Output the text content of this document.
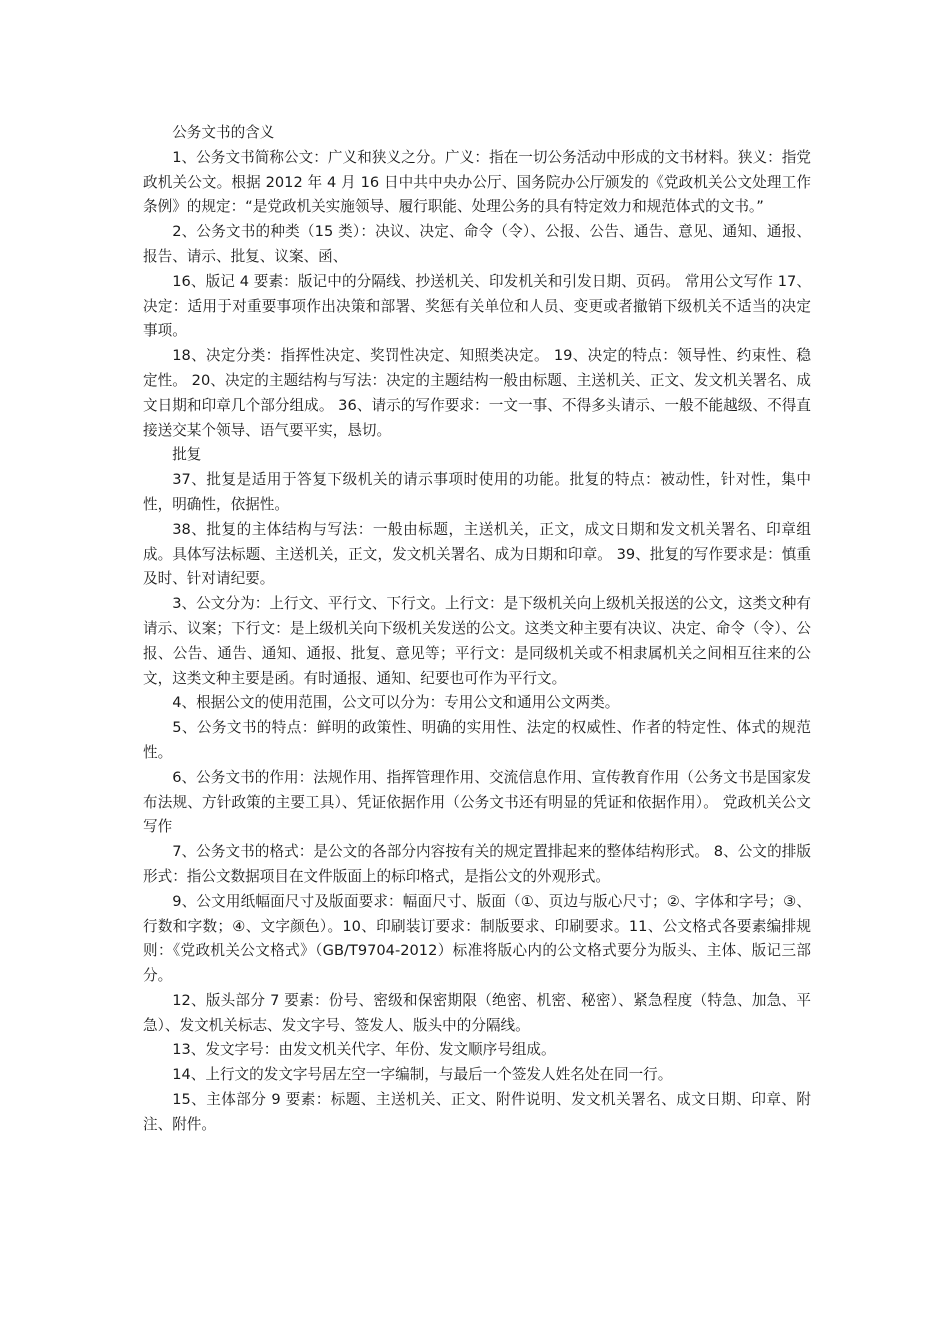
公务文书的含义

1、公务文书简称公文：广义和狭义之分。广义：指在一切公务活动中形成的文书材料。狭义：指党政机关公文。根据 2012 年 4 月 16 日中共中央办公厅、国务院办公厅颁发的《党政机关公文处理工作条例》的规定：“是党政机关实施领导、履行职能、处理公务的具有特定效力和规范体式的文书。”

2、公务文书的种类（15 类）：决议、决定、命令（令）、公报、公告、通告、意见、通知、通报、报告、请示、批复、议案、函、

16、版记 4 要素：版记中的分隔线、抄送机关、印发机关和引发日期、页码。 常用公文写作 17、决定：适用于对重要事项作出决策和部署、奖惩有关单位和人员、变更或者撤销下级机关不适当的决定事项。

18、决定分类：指挥性决定、奖罚性决定、知照类决定。 19、决定的特点：领导性、约束性、稳定性。 20、决定的主题结构与写法：决定的主题结构一般由标题、主送机关、正文、发文机关署名、成文日期和印章几个部分组成。 36、请示的写作要求：一文一事、不得多头请示、一般不能越级、不得直接送交某个领导、语气要平实，恳切。

批复

37、批复是适用于答复下级机关的请示事项时使用的功能。批复的特点：被动性，针对性，集中性，明确性，依据性。

38、批复的主体结构与写法：一般由标题，主送机关，正文，成文日期和发文机关署名、印章组成。具体写法标题、主送机关，正文，发文机关署名、成为日期和印章。 39、批复的写作要求是：慎重及时、针对请纪要。

3、公文分为：上行文、平行文、下行文。上行文：是下级机关向上级机关报送的公文，这类文种有请示、议案；下行文：是上级机关向下级机关发送的公文。这类文种主要有决议、决定、命令（令）、公报、公告、通告、通知、通报、批复、意见等；平行文：是同级机关或不相隶属机关之间相互往来的公文，这类文种主要是函。有时通报、通知、纪要也可作为平行文。

4、根据公文的使用范围，公文可以分为：专用公文和通用公文两类。

5、公务文书的特点：鲜明的政策性、明确的实用性、法定的权威性、作者的特定性、体式的规范性。

6、公务文书的作用：法规作用、指挥管理作用、交流信息作用、宣传教育作用（公务文书是国家发布法规、方针政策的主要工具）、凭证依据作用（公务文书还有明显的凭证和依据作用）。 党政机关公文写作

7、公务文书的格式：是公文的各部分内容按有关的规定置排起来的整体结构形式。 8、公文的排版形式：指公文数据项目在文件版面上的标印格式，是指公文的外观形式。

9、公文用纸幅面尺寸及版面要求：幅面尺寸、版面（①、页边与版心尺寸；②、字体和字号；③、行数和字数；④、文字颜色）。10、印刷装订要求：制版要求、印刷要求。11、公文格式各要素编排规则：《党政机关公文格式》（GB/T9704-2012）标准将版心内的公文格式要分为版头、主体、版记三部分。

12、版头部分 7 要素：份号、密级和保密期限（绝密、机密、秘密）、紧急程度（特急、加急、平急）、发文机关标志、发文字号、签发人、版头中的分隔线。

13、发文字号：由发文机关代字、年份、发文顺序号组成。

14、上行文的发文字号居左空一字编制，与最后一个签发人姓名处在同一行。

15、主体部分 9 要素：标题、主送机关、正文、附件说明、发文机关署名、成文日期、印章、附注、附件。
